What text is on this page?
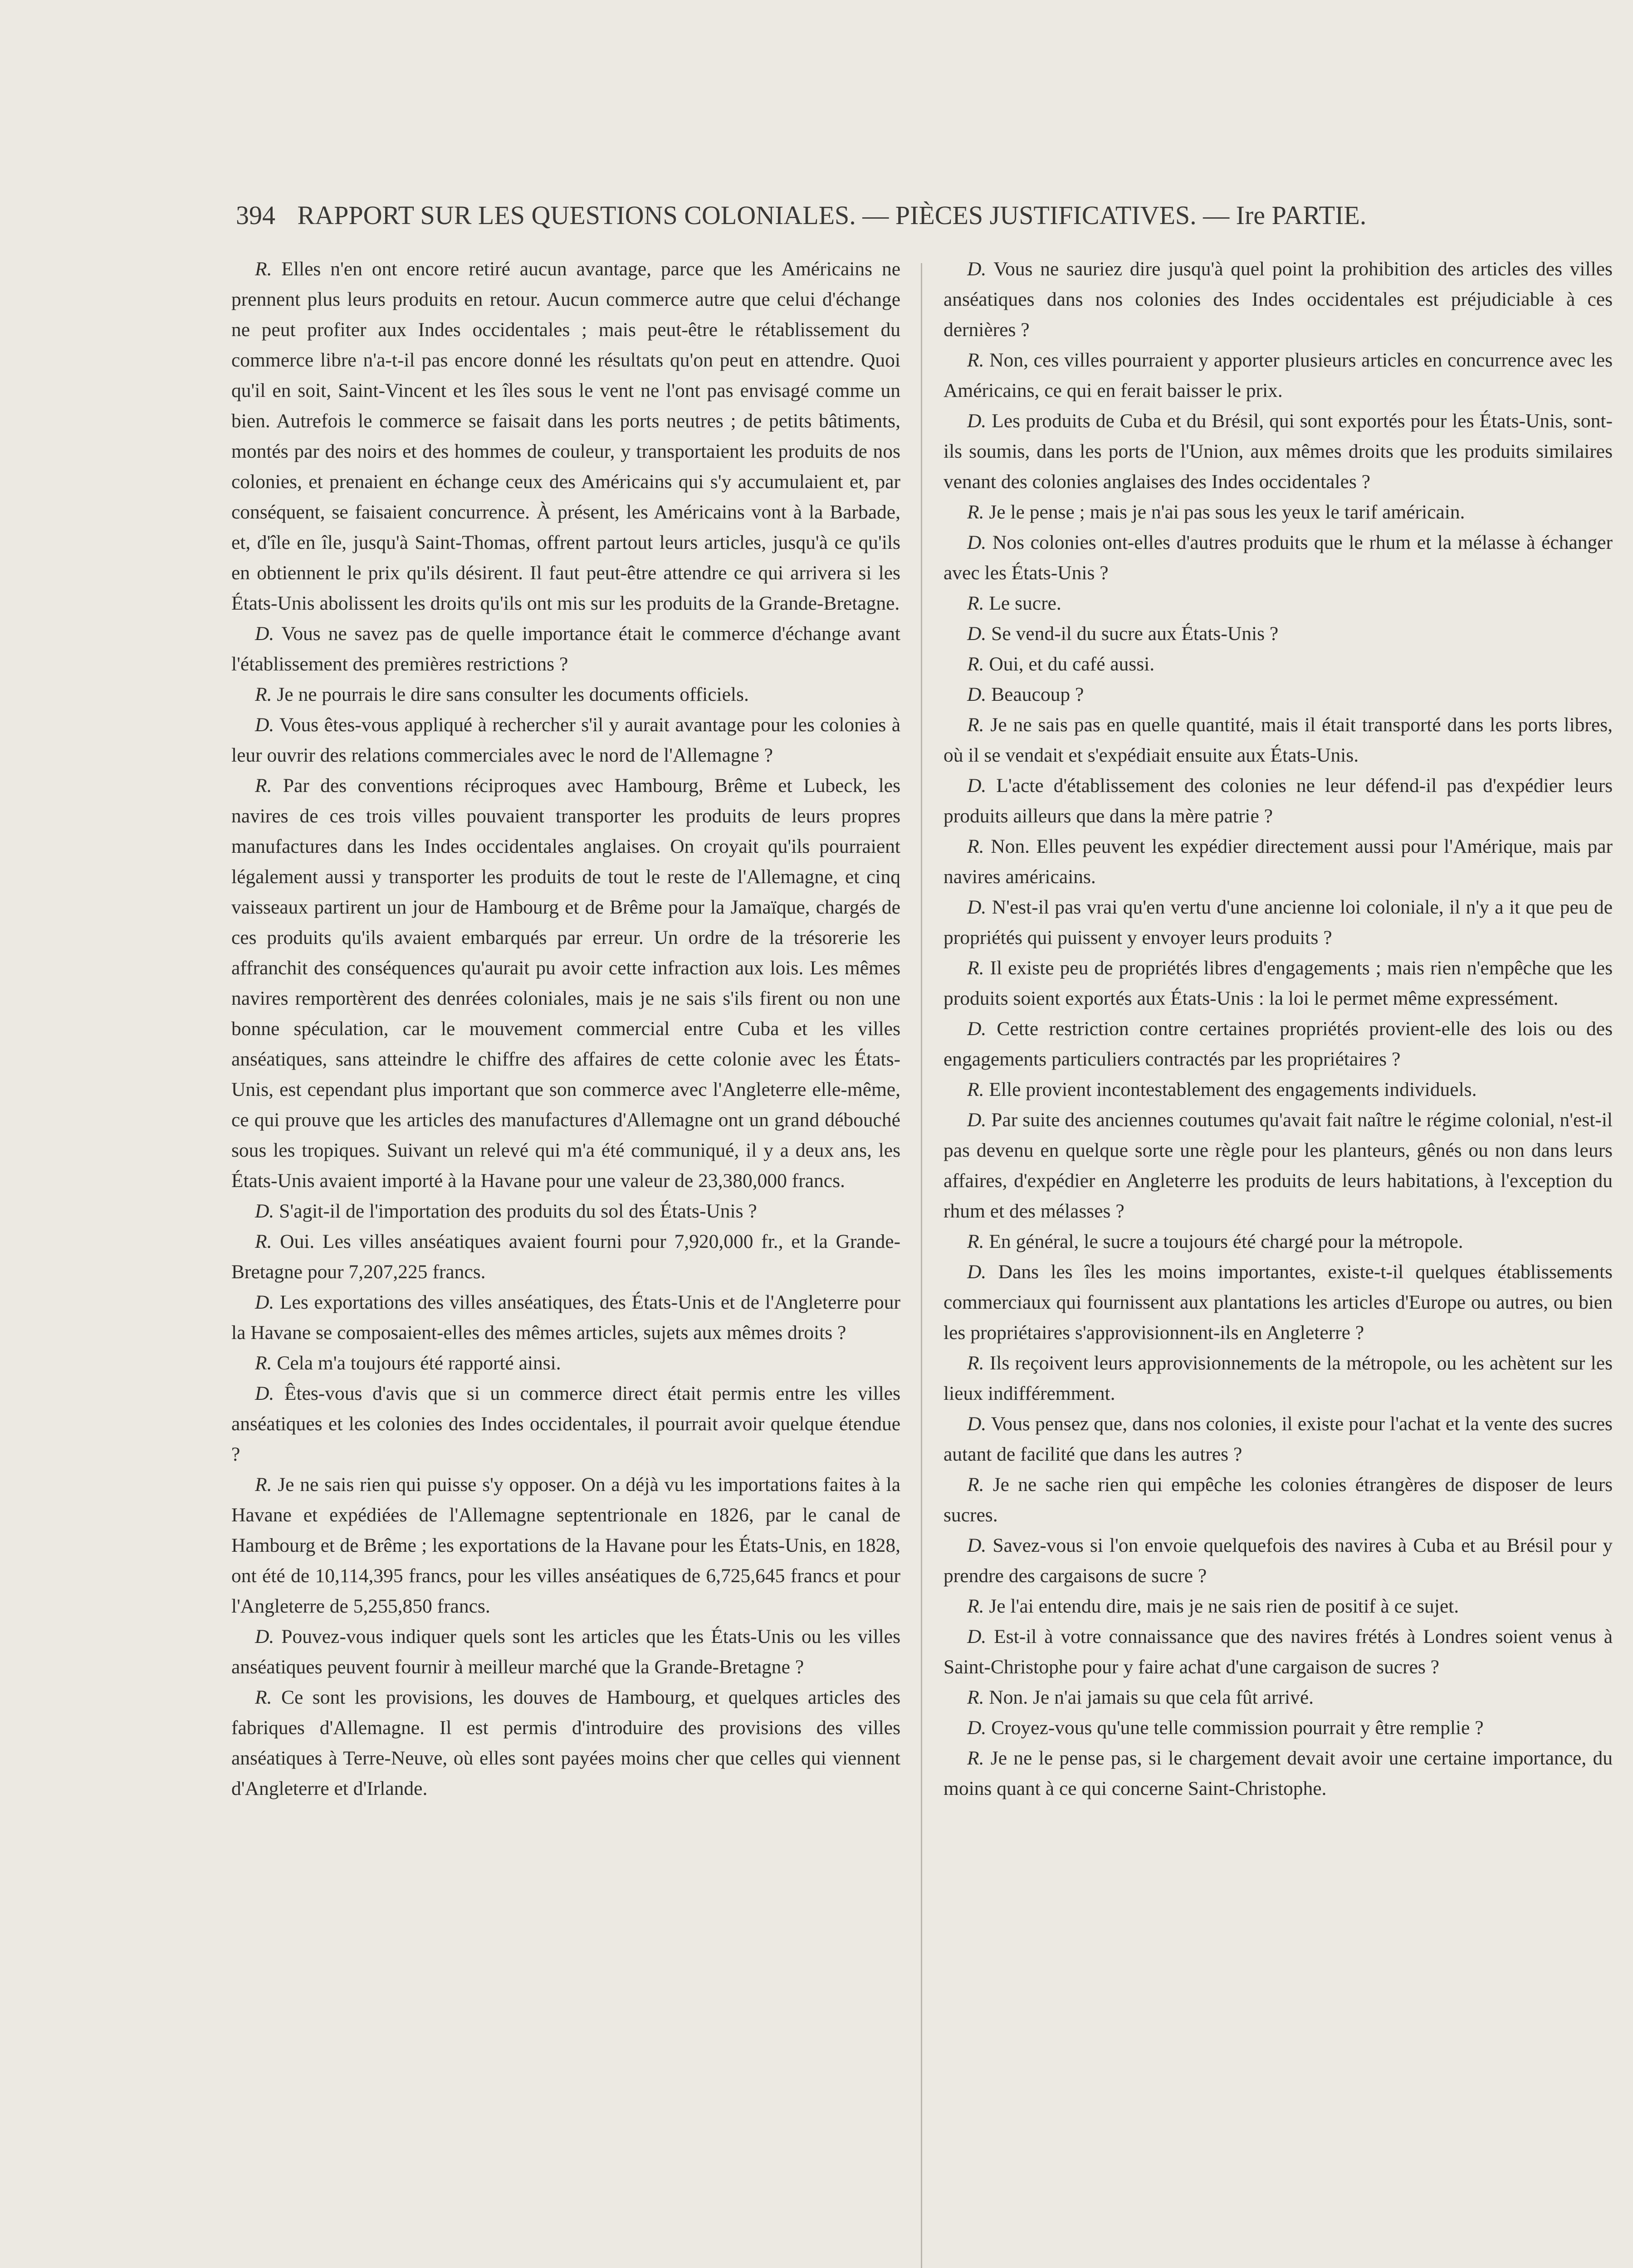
394 RAPPORT SUR LES QUESTIONS COLONIALES. — PIÈCES JUSTIFICATIVES. — Ire PARTIE.

R. Elles n'en ont encore retiré aucun avantage, parce que les Américains ne prennent plus leurs produits en retour. Aucun commerce autre que celui d'échange ne peut profiter aux Indes occidentales ; mais peut-être le rétablissement du commerce libre n'a-t-il pas encore donné les résultats qu'on peut en attendre. Quoi qu'il en soit, Saint-Vincent et les îles sous le vent ne l'ont pas envisagé comme un bien. Autrefois le commerce se faisait dans les ports neutres ; de petits bâtiments, montés par des noirs et des hommes de couleur, y transportaient les produits de nos colonies, et prenaient en échange ceux des Américains qui s'y accumulaient et, par conséquent, se faisaient concurrence. À présent, les Américains vont à la Barbade, et, d'île en île, jusqu'à Saint-Thomas, offrent partout leurs articles, jusqu'à ce qu'ils en obtiennent le prix qu'ils désirent. Il faut peut-être attendre ce qui arrivera si les États-Unis abolissent les droits qu'ils ont mis sur les produits de la Grande-Bretagne.

D. Vous ne savez pas de quelle importance était le commerce d'échange avant l'établissement des premières restrictions ?

R. Je ne pourrais le dire sans consulter les documents officiels.

D. Vous êtes-vous appliqué à rechercher s'il y aurait avantage pour les colonies à leur ouvrir des relations commerciales avec le nord de l'Allemagne ?

R. Par des conventions réciproques avec Hambourg, Brême et Lubeck, les navires de ces trois villes pouvaient transporter les produits de leurs propres manufactures dans les Indes occidentales anglaises. On croyait qu'ils pourraient légalement aussi y transporter les produits de tout le reste de l'Allemagne, et cinq vaisseaux partirent un jour de Hambourg et de Brême pour la Jamaïque, chargés de ces produits qu'ils avaient embarqués par erreur. Un ordre de la trésorerie les affranchit des conséquences qu'aurait pu avoir cette infraction aux lois. Les mêmes navires remportèrent des denrées coloniales, mais je ne sais s'ils firent ou non une bonne spéculation, car le mouvement commercial entre Cuba et les villes anséatiques, sans atteindre le chiffre des affaires de cette colonie avec les États-Unis, est cependant plus important que son commerce avec l'Angleterre elle-même, ce qui prouve que les articles des manufactures d'Allemagne ont un grand débouché sous les tropiques. Suivant un relevé qui m'a été communiqué, il y a deux ans, les États-Unis avaient importé à la Havane pour une valeur de 23,380,000 francs.

D. S'agit-il de l'importation des produits du sol des États-Unis ?

R. Oui. Les villes anséatiques avaient fourni pour 7,920,000 fr., et la Grande-Bretagne pour 7,207,225 francs.

D. Les exportations des villes anséatiques, des États-Unis et de l'Angleterre pour la Havane se composaient-elles des mêmes articles, sujets aux mêmes droits ?

R. Cela m'a toujours été rapporté ainsi.

D. Êtes-vous d'avis que si un commerce direct était permis entre les villes anséatiques et les colonies des Indes occidentales, il pourrait avoir quelque étendue ?

R. Je ne sais rien qui puisse s'y opposer. On a déjà vu les importations faites à la Havane et expédiées de l'Allemagne septentrionale en 1826, par le canal de Hambourg et de Brême ; les exportations de la Havane pour les États-Unis, en 1828, ont été de 10,114,395 francs, pour les villes anséatiques de 6,725,645 francs et pour l'Angleterre de 5,255,850 francs.

D. Pouvez-vous indiquer quels sont les articles que les États-Unis ou les villes anséatiques peuvent fournir à meilleur marché que la Grande-Bretagne ?

R. Ce sont les provisions, les douves de Hambourg, et quelques articles des fabriques d'Allemagne. Il est permis d'introduire des provisions des villes anséatiques à Terre-Neuve, où elles sont payées moins cher que celles qui viennent d'Angleterre et d'Irlande.

D. Vous ne sauriez dire jusqu'à quel point la prohibition des articles des villes anséatiques dans nos colonies des Indes occidentales est préjudiciable à ces dernières ?

R. Non, ces villes pourraient y apporter plusieurs articles en concurrence avec les Américains, ce qui en ferait baisser le prix.

D. Les produits de Cuba et du Brésil, qui sont exportés pour les États-Unis, sont-ils soumis, dans les ports de l'Union, aux mêmes droits que les produits similaires venant des colonies anglaises des Indes occidentales ?

R. Je le pense ; mais je n'ai pas sous les yeux le tarif américain.

D. Nos colonies ont-elles d'autres produits que le rhum et la mélasse à échanger avec les États-Unis ?

R. Le sucre.

D. Se vend-il du sucre aux États-Unis ?

R. Oui, et du café aussi.

D. Beaucoup ?

R. Je ne sais pas en quelle quantité, mais il était transporté dans les ports libres, où il se vendait et s'expédiait ensuite aux États-Unis.

D. L'acte d'établissement des colonies ne leur défend-il pas d'expédier leurs produits ailleurs que dans la mère patrie ?

R. Non. Elles peuvent les expédier directement aussi pour l'Amérique, mais par navires américains.

D. N'est-il pas vrai qu'en vertu d'une ancienne loi coloniale, il n'y a it que peu de propriétés qui puissent y envoyer leurs produits ?

R. Il existe peu de propriétés libres d'engagements ; mais rien n'empêche que les produits soient exportés aux États-Unis : la loi le permet même expressément.

D. Cette restriction contre certaines propriétés provient-elle des lois ou des engagements particuliers contractés par les propriétaires ?

R. Elle provient incontestablement des engagements individuels.

D. Par suite des anciennes coutumes qu'avait fait naître le régime colonial, n'est-il pas devenu en quelque sorte une règle pour les planteurs, gênés ou non dans leurs affaires, d'expédier en Angleterre les produits de leurs habitations, à l'exception du rhum et des mélasses ?

R. En général, le sucre a toujours été chargé pour la métropole.

D. Dans les îles les moins importantes, existe-t-il quelques établissements commerciaux qui fournissent aux plantations les articles d'Europe ou autres, ou bien les propriétaires s'approvisionnent-ils en Angleterre ?

R. Ils reçoivent leurs approvisionnements de la métropole, ou les achètent sur les lieux indifféremment.

D. Vous pensez que, dans nos colonies, il existe pour l'achat et la vente des sucres autant de facilité que dans les autres ?

R. Je ne sache rien qui empêche les colonies étrangères de disposer de leurs sucres.

D. Savez-vous si l'on envoie quelquefois des navires à Cuba et au Brésil pour y prendre des cargaisons de sucre ?

R. Je l'ai entendu dire, mais je ne sais rien de positif à ce sujet.

D. Est-il à votre connaissance que des navires frétés à Londres soient venus à Saint-Christophe pour y faire achat d'une cargaison de sucres ?

R. Non. Je n'ai jamais su que cela fût arrivé.

D. Croyez-vous qu'une telle commission pourrait y être remplie ?

R. Je ne le pense pas, si le chargement devait avoir une certaine importance, du moins quant à ce qui concerne Saint-Christophe.
